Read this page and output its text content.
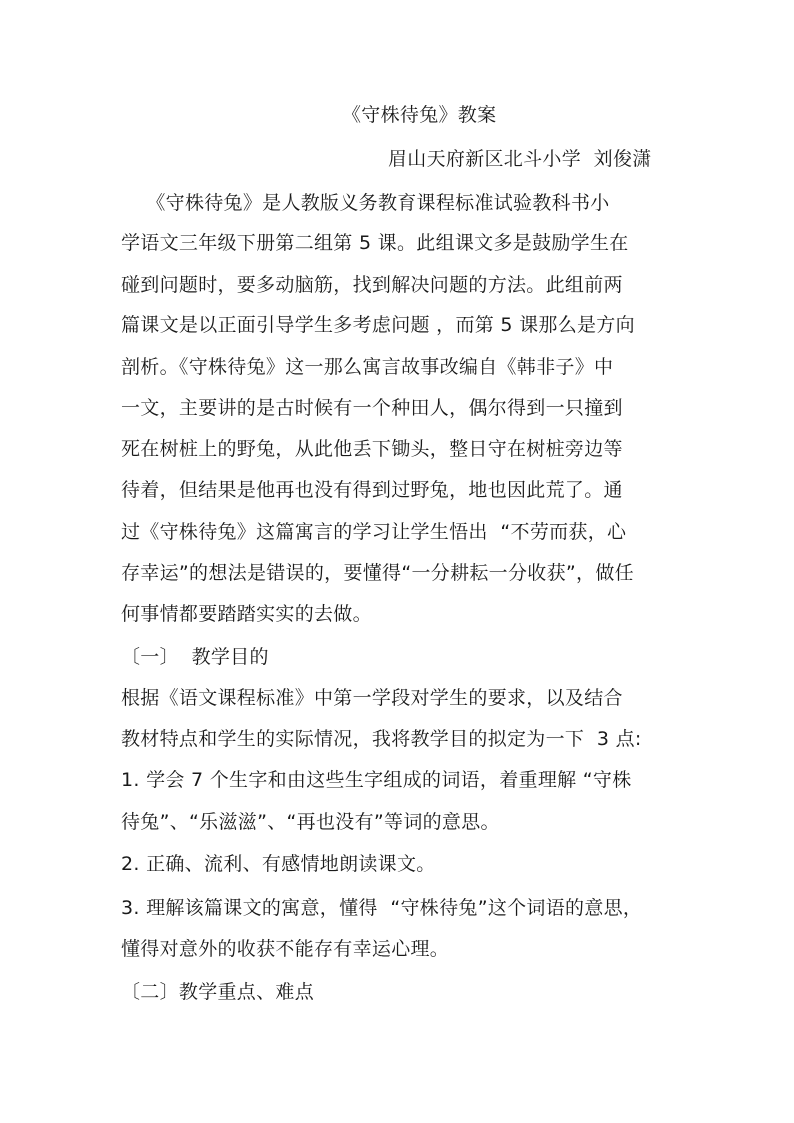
《守株待兔》教案
眉山天府新区北斗小学  刘俊潇
《守株待兔》是人教版义务教育课程标准试验教科书小
学语文三年级下册第二组第 5 课。此组课文多是鼓励学生在
碰到问题时，要多动脑筋，找到解决问题的方法。此组前两
篇课文是以正面引导学生多考虑问题 ，而第 5 课那么是方向
剖析。《守株待兔》这一那么寓言故事改编自《韩非子》中
一文，主要讲的是古时候有一个种田人，偶尔得到一只撞到
死在树桩上的野兔，从此他丢下锄头，整日守在树桩旁边等
待着，但结果是他再也没有得到过野兔，地也因此荒了。通
过《守株待兔》这篇寓言的学习让学生悟出  “不劳而获，心
存幸运”的想法是错误的，要懂得“一分耕耘一分收获”，做任
何事情都要踏踏实实的去做。
〔一〕  教学目的
根据《语文课程标准》中第一学段对学生的要求，以及结合
教材特点和学生的实际情况，我将教学目的拟定为一下  3 点:
1. 学会 7 个生字和由这些生字组成的词语，着重理解 “守株
待兔”、“乐滋滋”、“再也没有”等词的意思。
2. 正确、流利、有感情地朗读课文。
3. 理解该篇课文的寓意，懂得  “守株待兔”这个词语的意思，
懂得对意外的收获不能存有幸运心理。
〔二〕教学重点、难点
